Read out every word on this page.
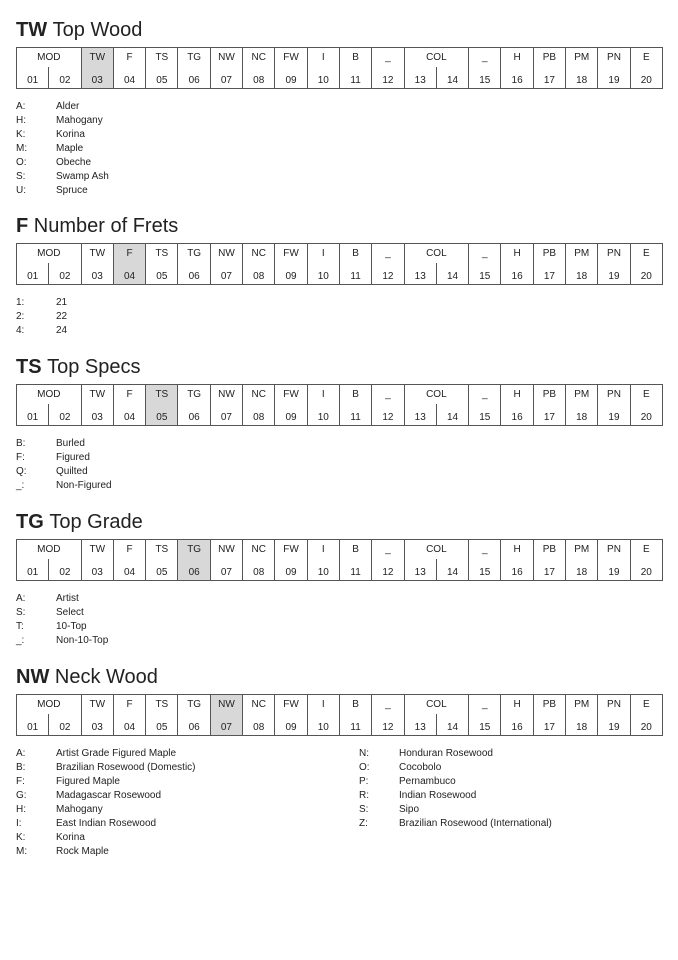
TW Top Wood
MOD		TW	F	TS	TG	NW	NC	FW	I	B	_	COL		_	H	PB	PM	PN	E
01	02	03	04	05	06	07	08	09	10	11	12	13	14	15	16	17	18	19	20
A:	Alder
H:	Mahogany
K:	Korina
M:	Maple
O:	Obeche
S:	Swamp Ash
U:	Spruce
F Number of Frets
MOD		TW	F	TS	TG	NW	NC	FW	I	B	_	COL		_	H	PB	PM	PN	E
01	02	03	04	05	06	07	08	09	10	11	12	13	14	15	16	17	18	19	20
1:	21
2:	22
4:	24
TS Top Specs
MOD		TW	F	TS	TG	NW	NC	FW	I	B	_	COL		_	H	PB	PM	PN	E
01	02	03	04	05	06	07	08	09	10	11	12	13	14	15	16	17	18	19	20
B:	Burled
F:	Figured
Q:	Quilted
_:	Non-Figured
TG Top Grade
MOD		TW	F	TS	TG	NW	NC	FW	I	B	_	COL		_	H	PB	PM	PN	E
01	02	03	04	05	06	07	08	09	10	11	12	13	14	15	16	17	18	19	20
A:	Artist
S:	Select
T:	10-Top
_:	Non-10-Top
NW Neck Wood
MOD		TW	F	TS	TG	NW	NC	FW	I	B	_	COL		_	H	PB	PM	PN	E
01	02	03	04	05	06	07	08	09	10	11	12	13	14	15	16	17	18	19	20
A:	Artist Grade Figured Maple
B:	Brazilian Rosewood (Domestic)
F:	Figured Maple
G:	Madagascar Rosewood
H:	Mahogany
I:	East Indian Rosewood
K:	Korina
M:	Rock Maple
N:	Honduran Rosewood
O:	Cocobolo
P:	Pernambuco
R:	Indian Rosewood
S:	Sipo
Z:	Brazilian Rosewood (International)
